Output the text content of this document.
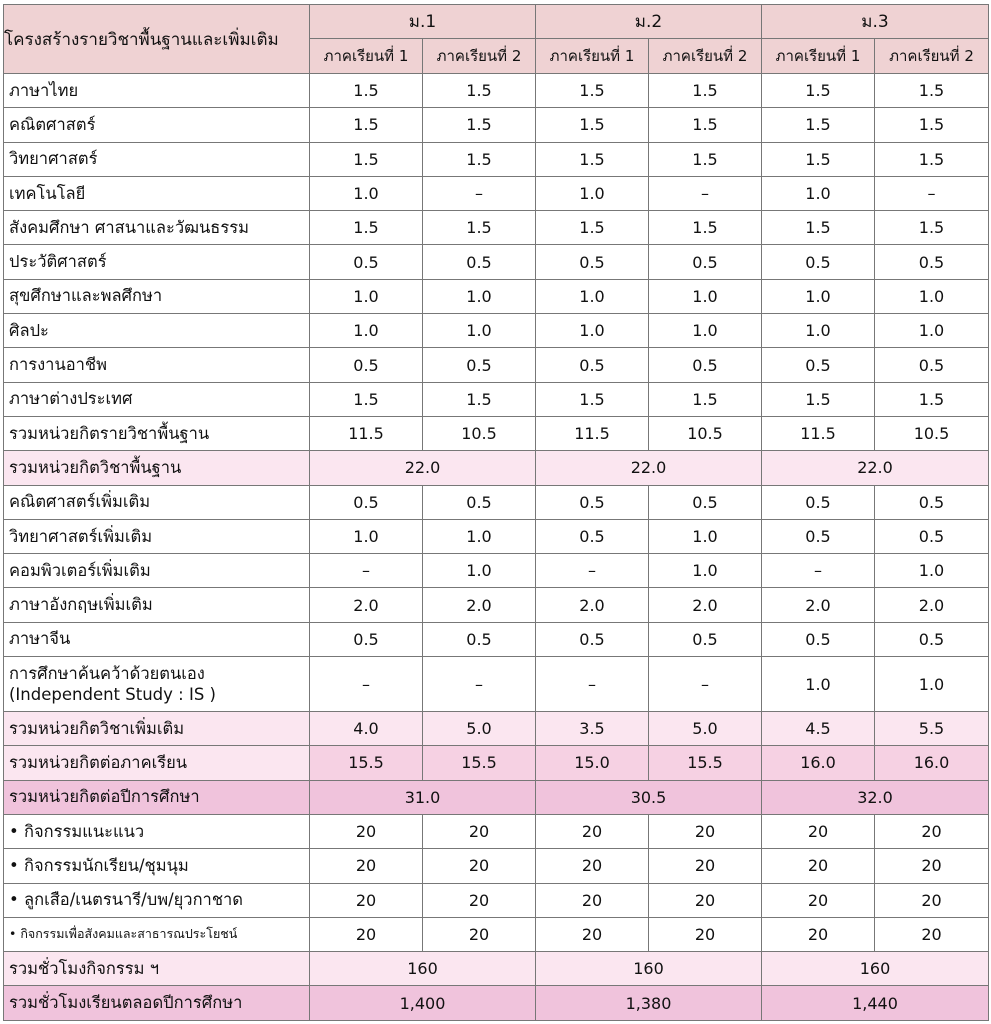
โครงสร้างรายวิชาพื้นฐานและเพิ่มเติม	ม.1		ม.2		ม.3	
	ภาคเรียนที่ 1	ภาคเรียนที่ 2	ภาคเรียนที่ 1	ภาคเรียนที่ 2	ภาคเรียนที่ 1	ภาคเรียนที่ 2
ภาษาไทย	1.5	1.5	1.5	1.5	1.5	1.5
คณิตศาสตร์	1.5	1.5	1.5	1.5	1.5	1.5
วิทยาศาสตร์	1.5	1.5	1.5	1.5	1.5	1.5
เทคโนโลยี	1.0	–	1.0	–	1.0	–
สังคมศึกษา ศาสนาและวัฒนธรรม	1.5	1.5	1.5	1.5	1.5	1.5
ประวัติศาสตร์	0.5	0.5	0.5	0.5	0.5	0.5
สุขศึกษาและพลศึกษา	1.0	1.0	1.0	1.0	1.0	1.0
ศิลปะ	1.0	1.0	1.0	1.0	1.0	1.0
การงานอาชีพ	0.5	0.5	0.5	0.5	0.5	0.5
ภาษาต่างประเทศ	1.5	1.5	1.5	1.5	1.5	1.5
รวมหน่วยกิตรายวิชาพื้นฐาน	11.5	10.5	11.5	10.5	11.5	10.5
รวมหน่วยกิตวิชาพื้นฐาน	22.0		22.0		22.0	
คณิตศาสตร์เพิ่มเติม	0.5	0.5	0.5	0.5	0.5	0.5
วิทยาศาสตร์เพิ่มเติม	1.0	1.0	0.5	1.0	0.5	0.5
คอมพิวเตอร์เพิ่มเติม	–	1.0	–	1.0	–	1.0
ภาษาอังกฤษเพิ่มเติม	2.0	2.0	2.0	2.0	2.0	2.0
ภาษาจีน	0.5	0.5	0.5	0.5	0.5	0.5

การศึกษาค้นคว้าด้วยตนเอง
(Independent Study : IS )	–	–	–	–	1.0	1.0
รวมหน่วยกิตวิชาเพิ่มเติม	4.0	5.0	3.5	5.0	4.5	5.5
รวมหน่วยกิตต่อภาคเรียน	15.5	15.5	15.0	15.5	16.0	16.0
รวมหน่วยกิตต่อปีการศึกษา	31.0		30.5		32.0	
• กิจกรรมแนะแนว	20	20	20	20	20	20
• กิจกรรมนักเรียน/ชุมนุม	20	20	20	20	20	20
• ลูกเสือ/เนตรนารี/บพ/ยุวกาชาด	20	20	20	20	20	20
• กิจกรรมเพื่อสังคมและสาธารณประโยชน์	20	20	20	20	20	20
รวมชั่วโมงกิจกรรม ฯ	160		160		160	
รวมชั่วโมงเรียนตลอดปีการศึกษา	1,400		1,380		1,440	
